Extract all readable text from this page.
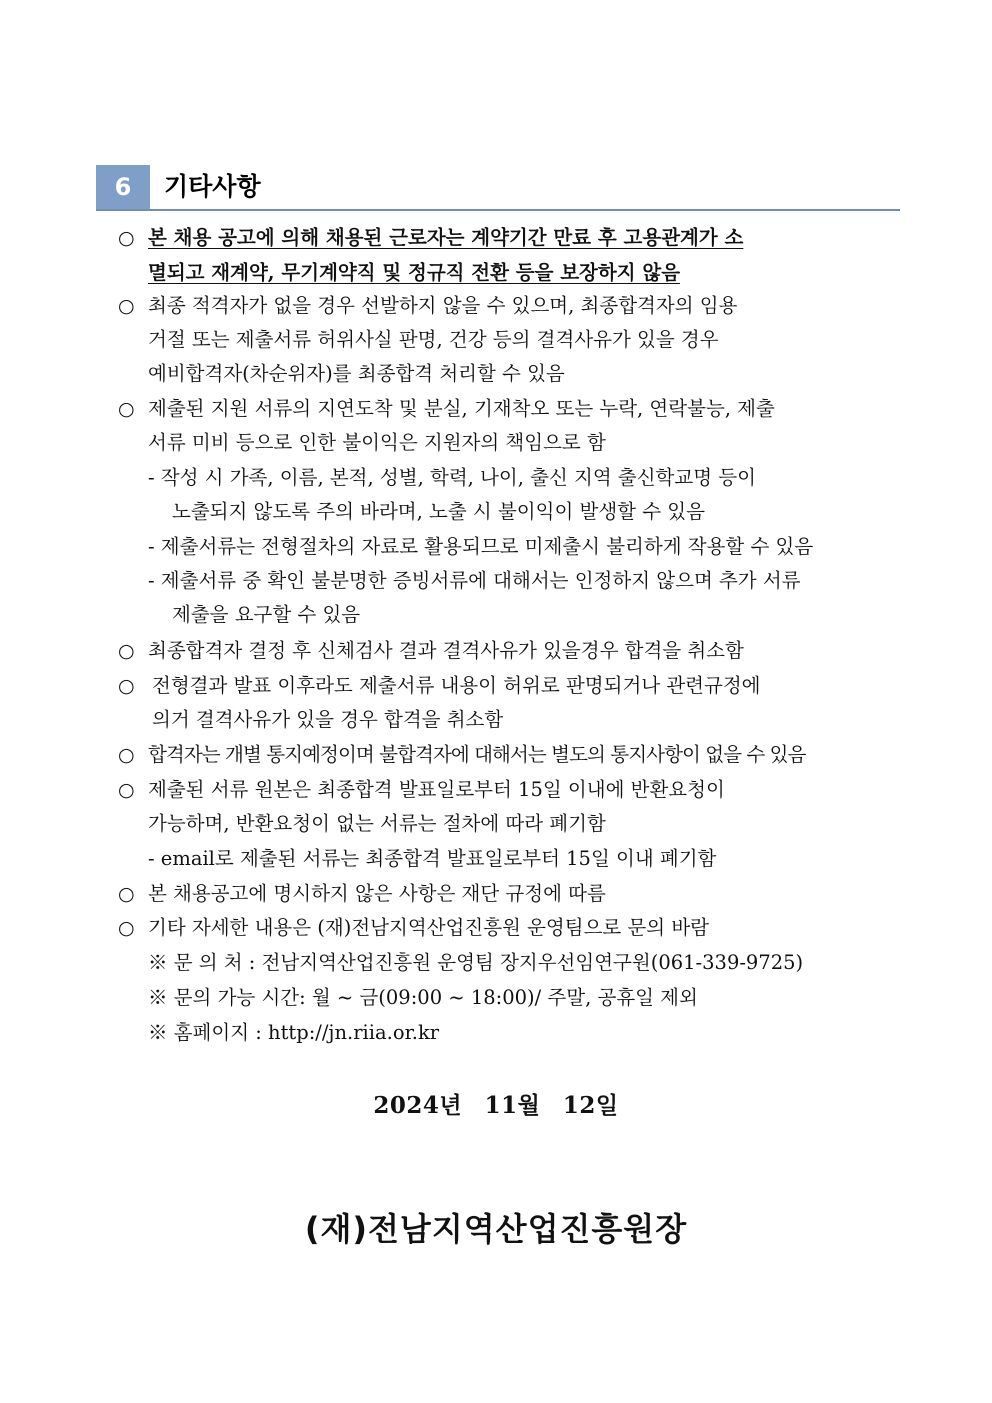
6	기타사항
○ 본 채용 공고에 의해 채용된 근로자는 계약기간 만료 후 고용관계가 소
멸되고 재계약, 무기계약직 및 정규직 전환 등을 보장하지 않음
○ 최종 적격자가 없을 경우 선발하지 않을 수 있으며, 최종합격자의 임용
거절 또는 제출서류 허위사실 판명, 건강 등의 결격사유가 있을 경우
예비합격자(차순위자)를 최종합격 처리할 수 있음
○ 제출된 지원 서류의 지연도착 및 분실, 기재착오 또는 누락, 연락불능, 제출
서류 미비 등으로 인한 불이익은 지원자의 책임으로 함
- 작성 시 가족, 이름, 본적, 성별, 학력, 나이, 출신 지역 출신학교명 등이
노출되지 않도록 주의 바라며, 노출 시 불이익이 발생할 수 있음
- 제출서류는 전형절차의 자료로 활용되므로 미제출시 불리하게 작용할 수 있음
- 제출서류 중 확인 불분명한 증빙서류에 대해서는 인정하지 않으며 추가 서류
제출을 요구할 수 있음
○ 최종합격자 결정 후 신체검사 결과 결격사유가 있을경우 합격을 취소함
○ 전형결과 발표 이후라도 제출서류 내용이 허위로 판명되거나 관련규정에
의거 결격사유가 있을 경우 합격을 취소함
○ 합격자는 개별 통지예정이며 불합격자에 대해서는 별도의 통지사항이 없을 수 있음
○ 제출된 서류 원본은 최종합격 발표일로부터 15일 이내에 반환요청이
가능하며, 반환요청이 없는 서류는 절차에 따라 폐기함
- email로 제출된 서류는 최종합격 발표일로부터 15일 이내 폐기함
○ 본 채용공고에 명시하지 않은 사항은 재단 규정에 따름
○ 기타 자세한 내용은 (재)전남지역산업진흥원 운영팀으로 문의 바람
※ 문 의 처 : 전남지역산업진흥원 운영팀 장지우선임연구원(061-339-9725)
※ 문의 가능 시간: 월 ~ 금(09:00 ~ 18:00)/ 주말, 공휴일 제외
※ 홈페이지 : http://jn.riia.or.kr
2024년 11월 12일
(재)전남지역산업진흥원장
